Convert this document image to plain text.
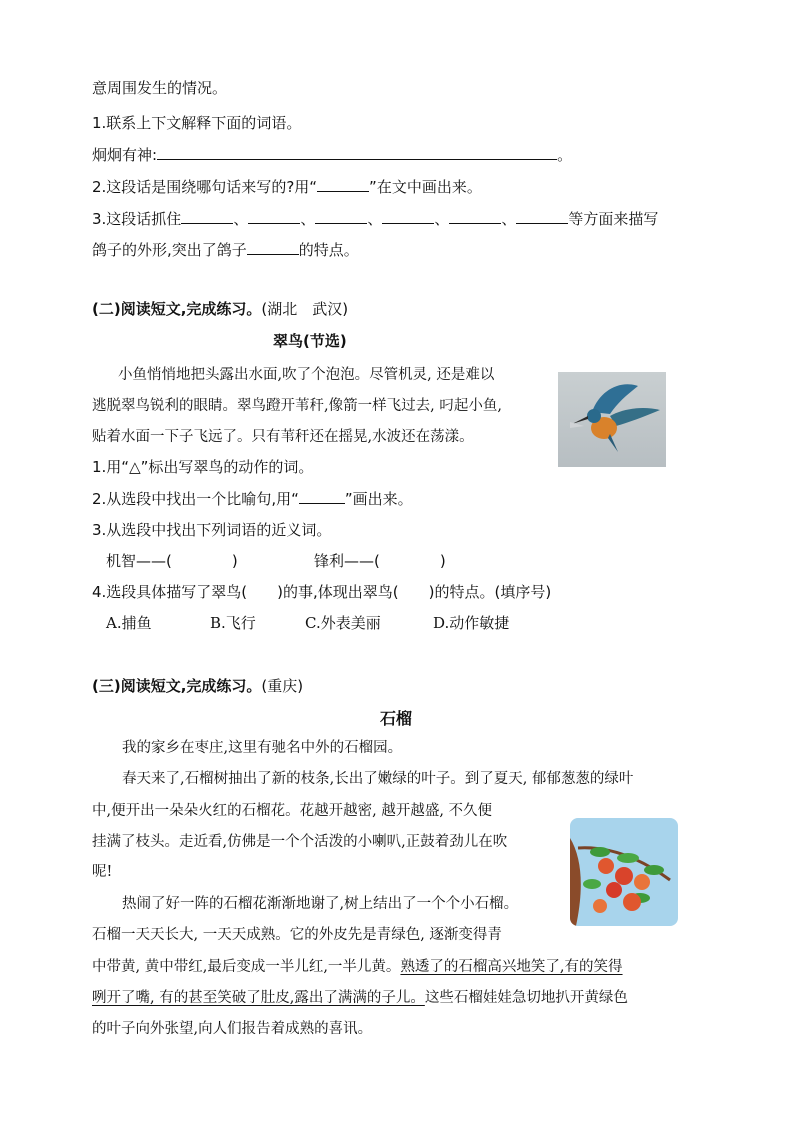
意周围发生的情况。
1.联系上下文解释下面的词语。
炯炯有神:	。
2.这段话是围绕哪句话来写的?用“	”在文中画出来。
3.这段话抓住	、	、	、	、	、	等方面来描写
鸽子的外形,突出了鸽子	的特点。
(二)阅读短文,完成练习。(湖北　武汉)
翠鸟(节选)
小鱼悄悄地把头露出水面,吹了个泡泡。尽管机灵, 还是难以
逃脱翠鸟锐利的眼睛。翠鸟蹬开苇秆,像箭一样飞过去, 叼起小鱼,
贴着水面一下子飞远了。只有苇秆还在摇晃,水波还在荡漾。
1.用“△”标出写翠鸟的动作的词。
2.从选段中找出一个比喻句,用“	”画出来。
3.从选段中找出下列词语的近义词。
机智——(　　　　)	锋利——(　　　　)
4.选段具体描写了翠鸟(　　)的事,体现出翠鸟(　　)的特点。(填序号)
A.捕鱼	B.飞行	C.外表美丽	D.动作敏捷
(三)阅读短文,完成练习。(重庆)
石榴
我的家乡在枣庄,这里有驰名中外的石榴园。
春天来了,石榴树抽出了新的枝条,长出了嫩绿的叶子。到了夏天, 郁郁葱葱的绿叶
中,便开出一朵朵火红的石榴花。花越开越密, 越开越盛, 不久便
挂满了枝头。走近看,仿佛是一个个活泼的小喇叭,正鼓着劲儿在吹
呢!
热闹了好一阵的石榴花渐渐地谢了,树上结出了一个个小石榴。
石榴一天天长大, 一天天成熟。它的外皮先是青绿色, 逐渐变得青
中带黄, 黄中带红,最后变成一半儿红,一半儿黄。熟透了的石榴高兴地笑了,有的笑得
咧开了嘴, 有的甚至笑破了肚皮,露出了满满的子儿。这些石榴娃娃急切地扒开黄绿色
的叶子向外张望,向人们报告着成熟的喜讯。
